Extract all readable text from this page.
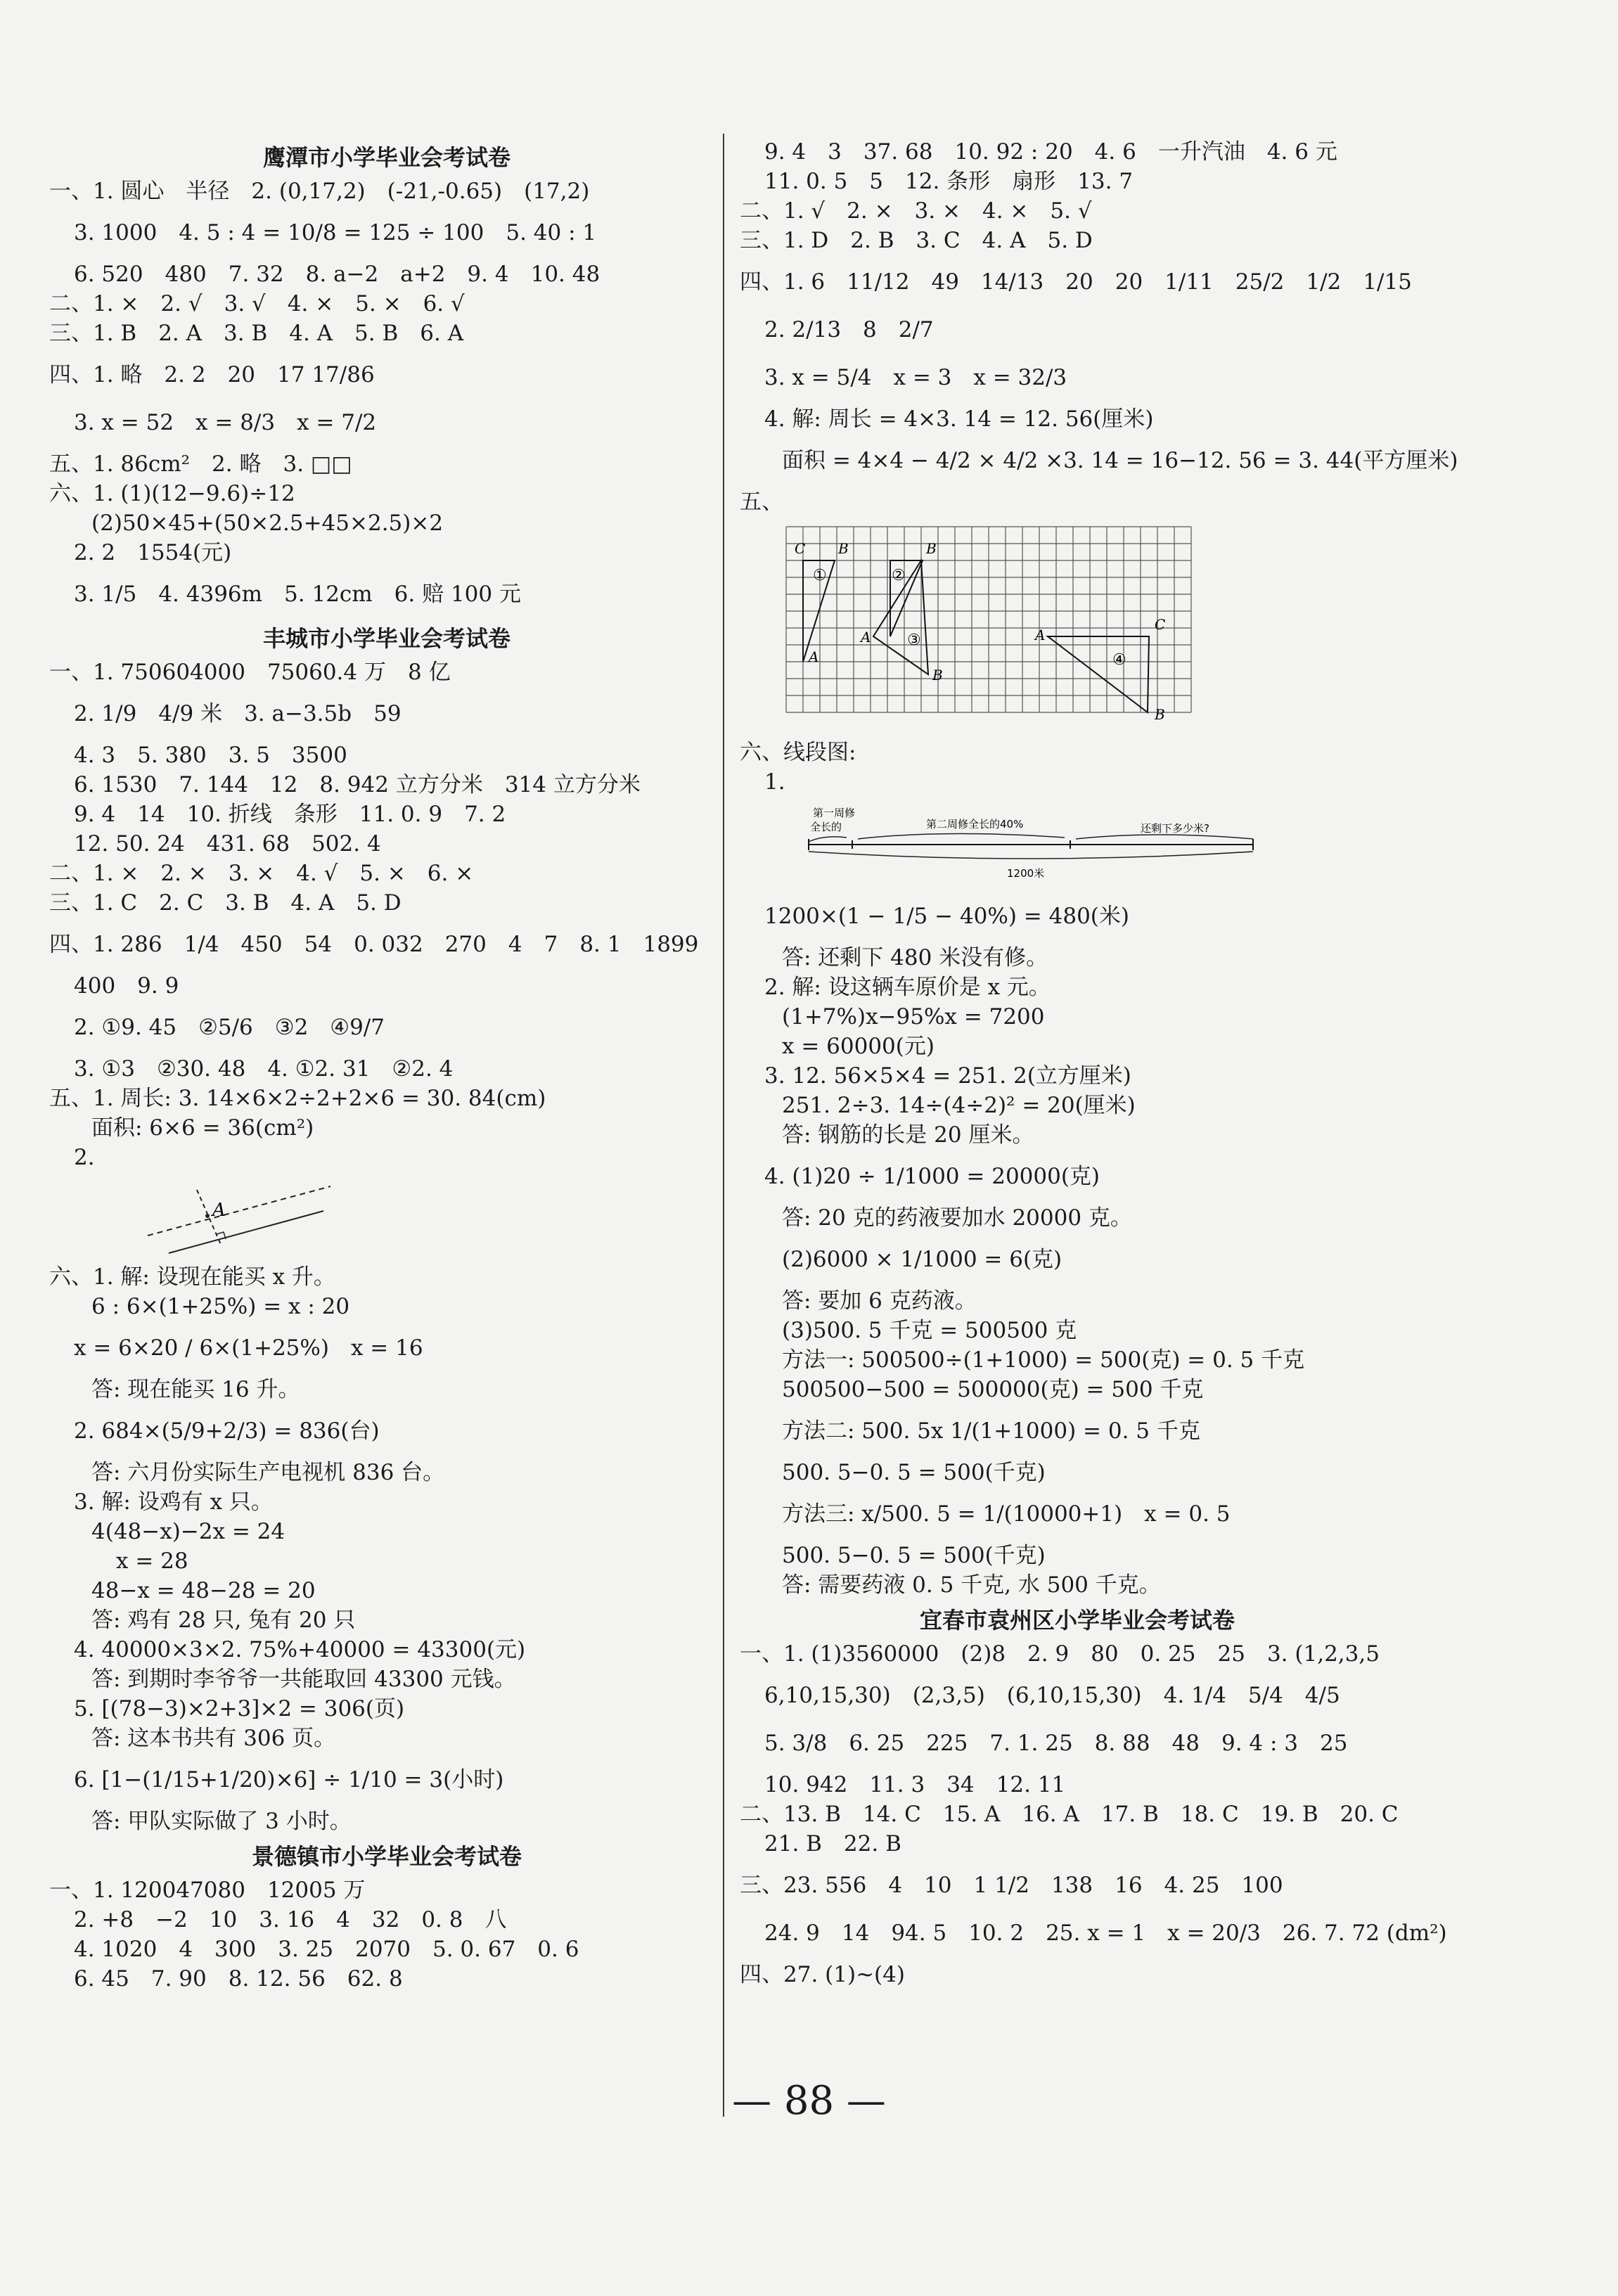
鹰潭市小学毕业会考试卷
一、1. 圆心　半径　2. (0,17,2)　(-21,-0.65)　(17,2)
3. 1000　4. 5 : 4 = 10/8 = 125 ÷ 100　5. 40 : 1
6. 520　480　7. 32　8. a−2　a+2　9. 4　10. 48
二、1. ×　2. √　3. √　4. ×　5. ×　6. √
三、1. B　2. A　3. B　4. A　5. B　6. A
四、1. 略　2. 2　20　17 17/86
3. x = 52　x = 8/3　x = 7/2
五、1. 86cm²　2. 略　3. □□
六、1. (1)(12−9.6)÷12
(2)50×45+(50×2.5+45×2.5)×2
2. 2　1554(元)
3. 1/5　4. 4396m　5. 12cm　6. 赔 100 元
丰城市小学毕业会考试卷
一、1. 750604000　75060.4 万　8 亿
2. 1/9　4/9 米　3. a−3.5b　59
4. 3　5. 380　3. 5　3500
6. 1530　7. 144　12　8. 942 立方分米　314 立方分米
9. 4　14　10. 折线　条形　11. 0. 9　7. 2
12. 50. 24　431. 68　502. 4
二、1. ×　2. ×　3. ×　4. √　5. ×　6. ×
三、1. C　2. C　3. B　4. A　5. D
四、1. 286　1/4　450　54　0. 032　270　4　7　8. 1　1899
400　9. 9
2. ①9. 45　②5/6　③2　④9/7
3. ①3　②30. 48　4. ①2. 31　②2. 4
五、1. 周长: 3. 14×6×2÷2+2×6 = 30. 84(cm)
面积: 6×6 = 36(cm²)
2.
A
六、1. 解: 设现在能买 x 升。
6 : 6×(1+25%) = x : 20
x = 6×20 / 6×(1+25%)　x = 16
答: 现在能买 16 升。
2. 684×(5/9+2/3) = 836(台)
答: 六月份实际生产电视机 836 台。
3. 解: 设鸡有 x 只。
4(48−x)−2x = 24
x = 28
48−x = 48−28 = 20
答: 鸡有 28 只, 兔有 20 只
4. 40000×3×2. 75%+40000 = 43300(元)
答: 到期时李爷爷一共能取回 43300 元钱。
5. [(78−3)×2+3]×2 = 306(页)
答: 这本书共有 306 页。
6. [1−(1/15+1/20)×6] ÷ 1/10 = 3(小时)
答: 甲队实际做了 3 小时。
景德镇市小学毕业会考试卷
一、1. 120047080　12005 万
2. +8　−2　10　3. 16　4　32　0. 8　八
4. 1020　4　300　3. 25　2070　5. 0. 67　0. 6
6. 45　7. 90　8. 12. 56　62. 8
9. 4　3　37. 68　10. 92 : 20　4. 6　一升汽油　4. 6 元
11. 0. 5　5　12. 条形　扇形　13. 7
二、1. √　2. ×　3. ×　4. ×　5. √
三、1. D　2. B　3. C　4. A　5. D
四、1. 6　11/12　49　14/13　20　20　1/11　25/2　1/2　1/15
2. 2/13　8　2/7
3. x = 5/4　x = 3　x = 32/3
4. 解: 周长 = 4×3. 14 = 12. 56(厘米)
面积 = 4×4 − 4/2 × 4/2 ×3. 14 = 16−12. 56 = 3. 44(平方厘米)
五、
C B
A
①	②
B
A ③
B
A
C
④
B
六、线段图:
1.
第一周修
全长的	第二周修全长的40%	还剩下多少米?
1200米
1200×(1 − 1/5 − 40%) = 480(米)
答: 还剩下 480 米没有修。
2. 解: 设这辆车原价是 x 元。
(1+7%)x−95%x = 7200
x = 60000(元)
3. 12. 56×5×4 = 251. 2(立方厘米)
251. 2÷3. 14÷(4÷2)² = 20(厘米)
答: 钢筋的长是 20 厘米。
4. (1)20 ÷ 1/1000 = 20000(克)
答: 20 克的药液要加水 20000 克。
(2)6000 × 1/1000 = 6(克)
答: 要加 6 克药液。
(3)500. 5 千克 = 500500 克
方法一: 500500÷(1+1000) = 500(克) = 0. 5 千克
500500−500 = 500000(克) = 500 千克
方法二: 500. 5x 1/(1+1000) = 0. 5 千克
500. 5−0. 5 = 500(千克)
方法三: x/500. 5 = 1/(10000+1)　x = 0. 5
500. 5−0. 5 = 500(千克)
答: 需要药液 0. 5 千克, 水 500 千克。
宜春市袁州区小学毕业会考试卷
一、1. (1)3560000　(2)8　2. 9　80　0. 25　25　3. (1,2,3,5
6,10,15,30)　(2,3,5)　(6,10,15,30)　4. 1/4　5/4　4/5
5. 3/8　6. 25　225　7. 1. 25　8. 88　48　9. 4 : 3　25
10. 942　11. 3　34　12. 11
二、13. B　14. C　15. A　16. A　17. B　18. C　19. B　20. C
21. B　22. B
三、23. 556　4　10　1 1/2　138　16　4. 25　100
24. 9　14　94. 5　10. 2　25. x = 1　x = 20/3　26. 7. 72 (dm²)
四、27. (1)~(4)
— 88 —
